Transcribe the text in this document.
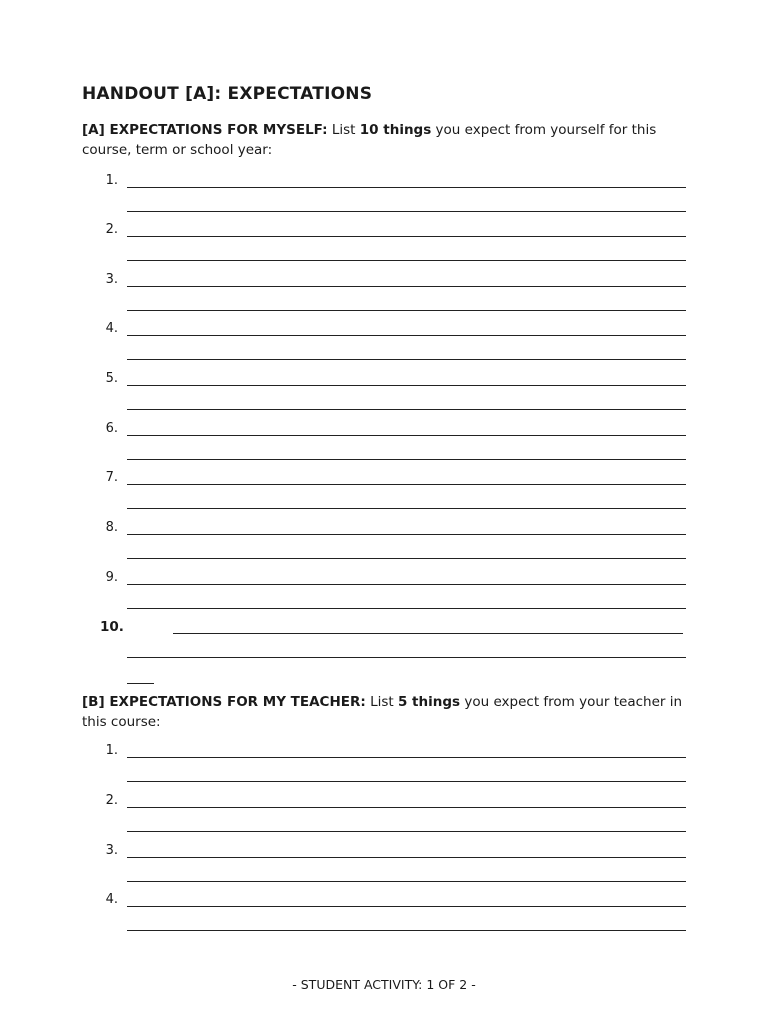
HANDOUT [A]: EXPECTATIONS

[A] EXPECTATIONS FOR MYSELF: List 10 things you expect from yourself for this course, term or school year:

1.
2.
3.
4.
5.
6.
7.
8.
9.
10.

[B] EXPECTATIONS FOR MY TEACHER: List 5 things you expect from your teacher in this course:

1.
2.
3.
4.

- STUDENT ACTIVITY: 1 OF 2 -
